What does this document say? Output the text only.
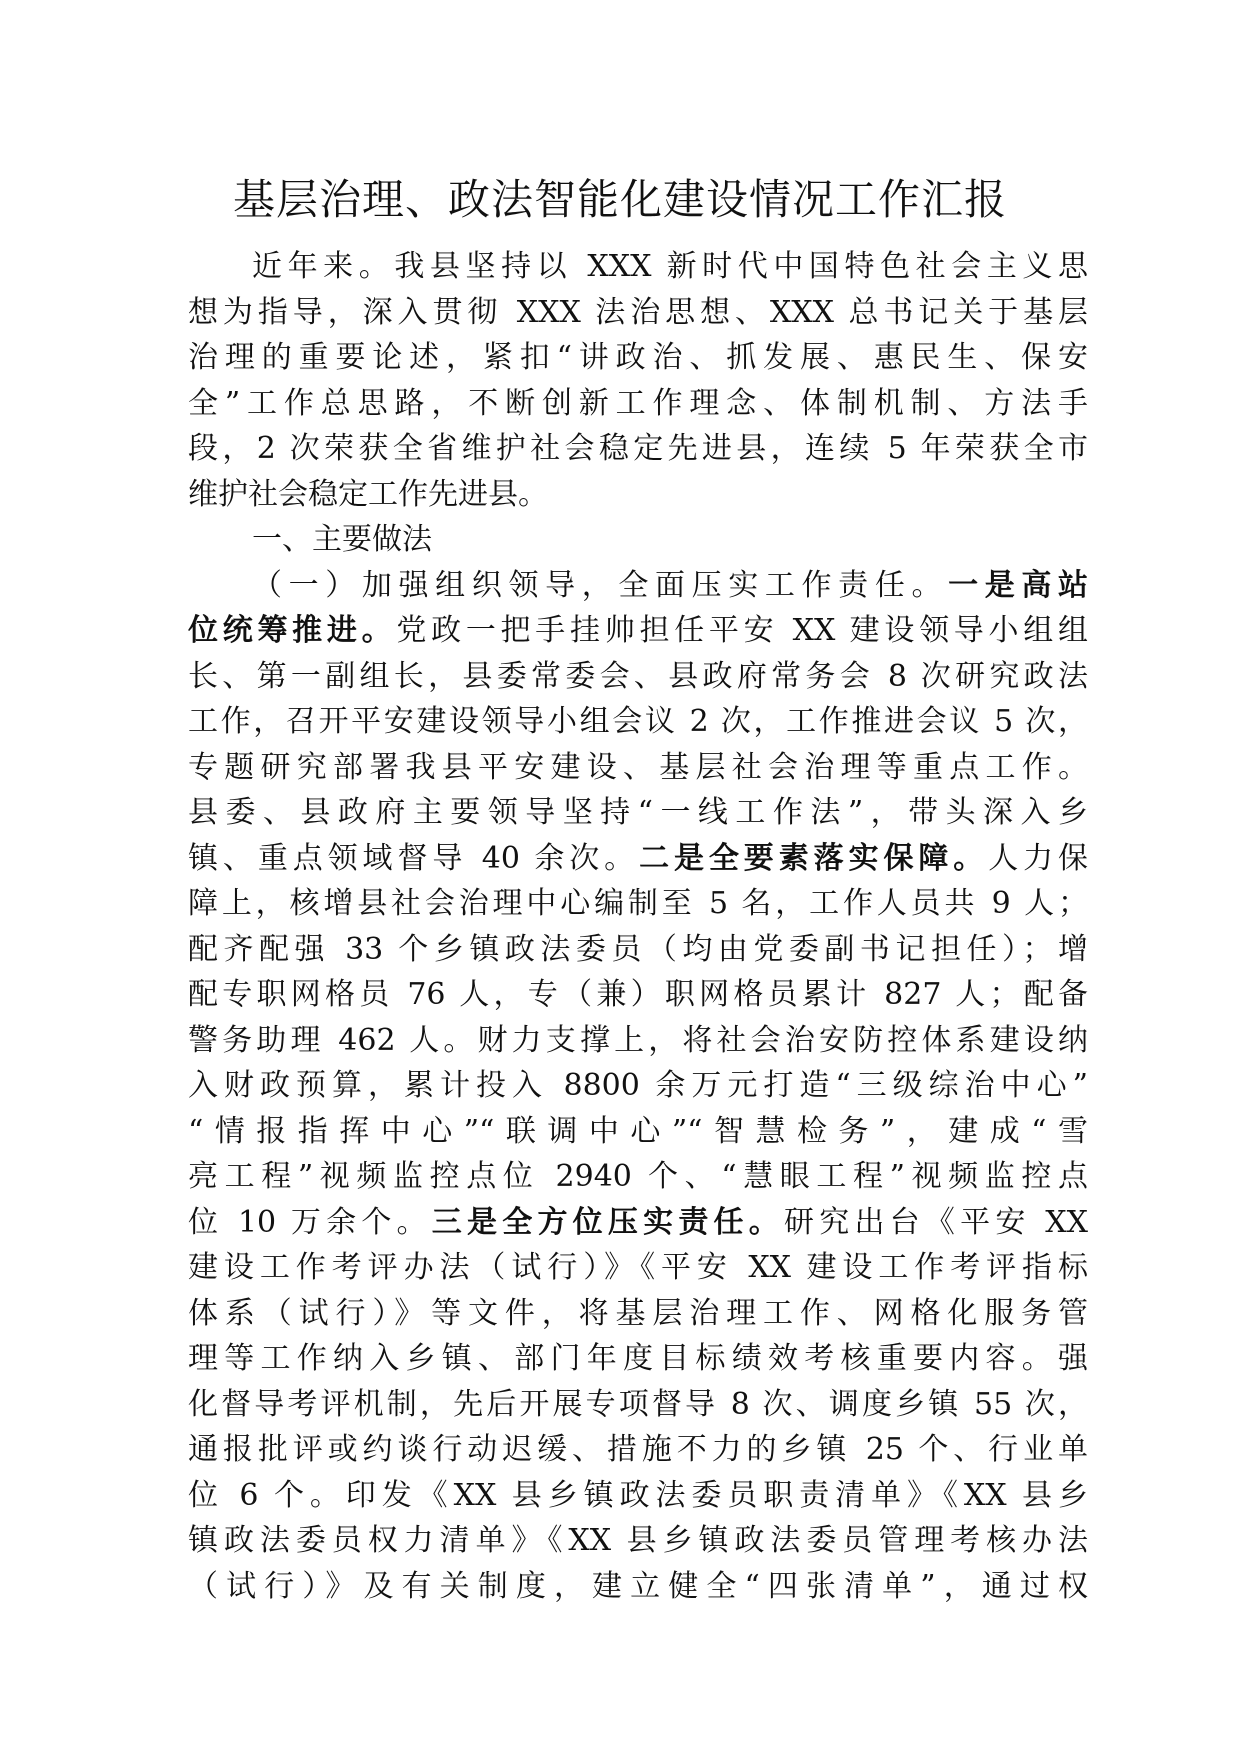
基层治理、政法智能化建设情况工作汇报
近年来。我县坚持以 XXX 新时代中国特色社会主义思
想为指导，深入贯彻 XXX 法治思想、XXX 总书记关于基层
治理的重要论述，紧扣“讲政治、抓发展、惠民生、保安
全”工作总思路，不断创新工作理念、体制机制、方法手
段，2 次荣获全省维护社会稳定先进县，连续 5 年荣获全市
维护社会稳定工作先进县。
一、主要做法
（一）加强组织领导，全面压实工作责任。一是高站
位统筹推进。党政一把手挂帅担任平安 XX 建设领导小组组
长、第一副组长，县委常委会、县政府常务会 8 次研究政法
工作，召开平安建设领导小组会议 2 次，工作推进会议 5 次，
专题研究部署我县平安建设、基层社会治理等重点工作。
县委、县政府主要领导坚持“一线工作法”，带头深入乡
镇、重点领域督导 40 余次。二是全要素落实保障。人力保
障上，核增县社会治理中心编制至 5 名，工作人员共 9 人；
配齐配强 33 个乡镇政法委员（均由党委副书记担任）；增
配专职网格员 76 人，专（兼）职网格员累计 827 人；配备
警务助理 462 人。财力支撑上，将社会治安防控体系建设纳
入财政预算，累计投入 8800 余万元打造“三级综治中心”
“情报指挥中心”“联调中心”“智慧检务”，建成“雪
亮工程”视频监控点位 2940 个、“慧眼工程”视频监控点
位 10 万余个。三是全方位压实责任。研究出台《平安 XX
建设工作考评办法（试行）》《平安 XX 建设工作考评指标
体系（试行）》等文件，将基层治理工作、网格化服务管
理等工作纳入乡镇、部门年度目标绩效考核重要内容。强
化督导考评机制，先后开展专项督导 8 次、调度乡镇 55 次，
通报批评或约谈行动迟缓、措施不力的乡镇 25 个、行业单
位 6 个。印发《XX 县乡镇政法委员职责清单》《XX 县乡
镇政法委员权力清单》《XX 县乡镇政法委员管理考核办法
（试行）》及有关制度，建立健全“四张清单”，通过权
